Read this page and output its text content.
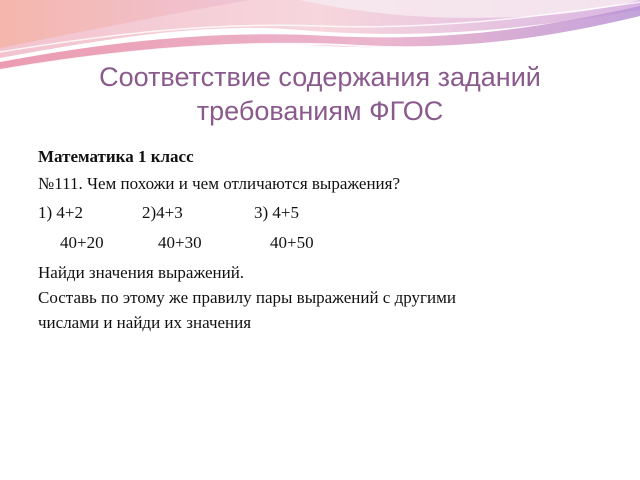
Соответствие содержания заданий
требованиям ФГОС
Математика 1 класс
№111. Чем похожи и чем отличаются выражения?
1) 4+2	2)4+3	3) 4+5
40+20	40+30	40+50
Найди значения выражений.
Составь по этому же правилу пары выражений с другими
числами и найди их значения
